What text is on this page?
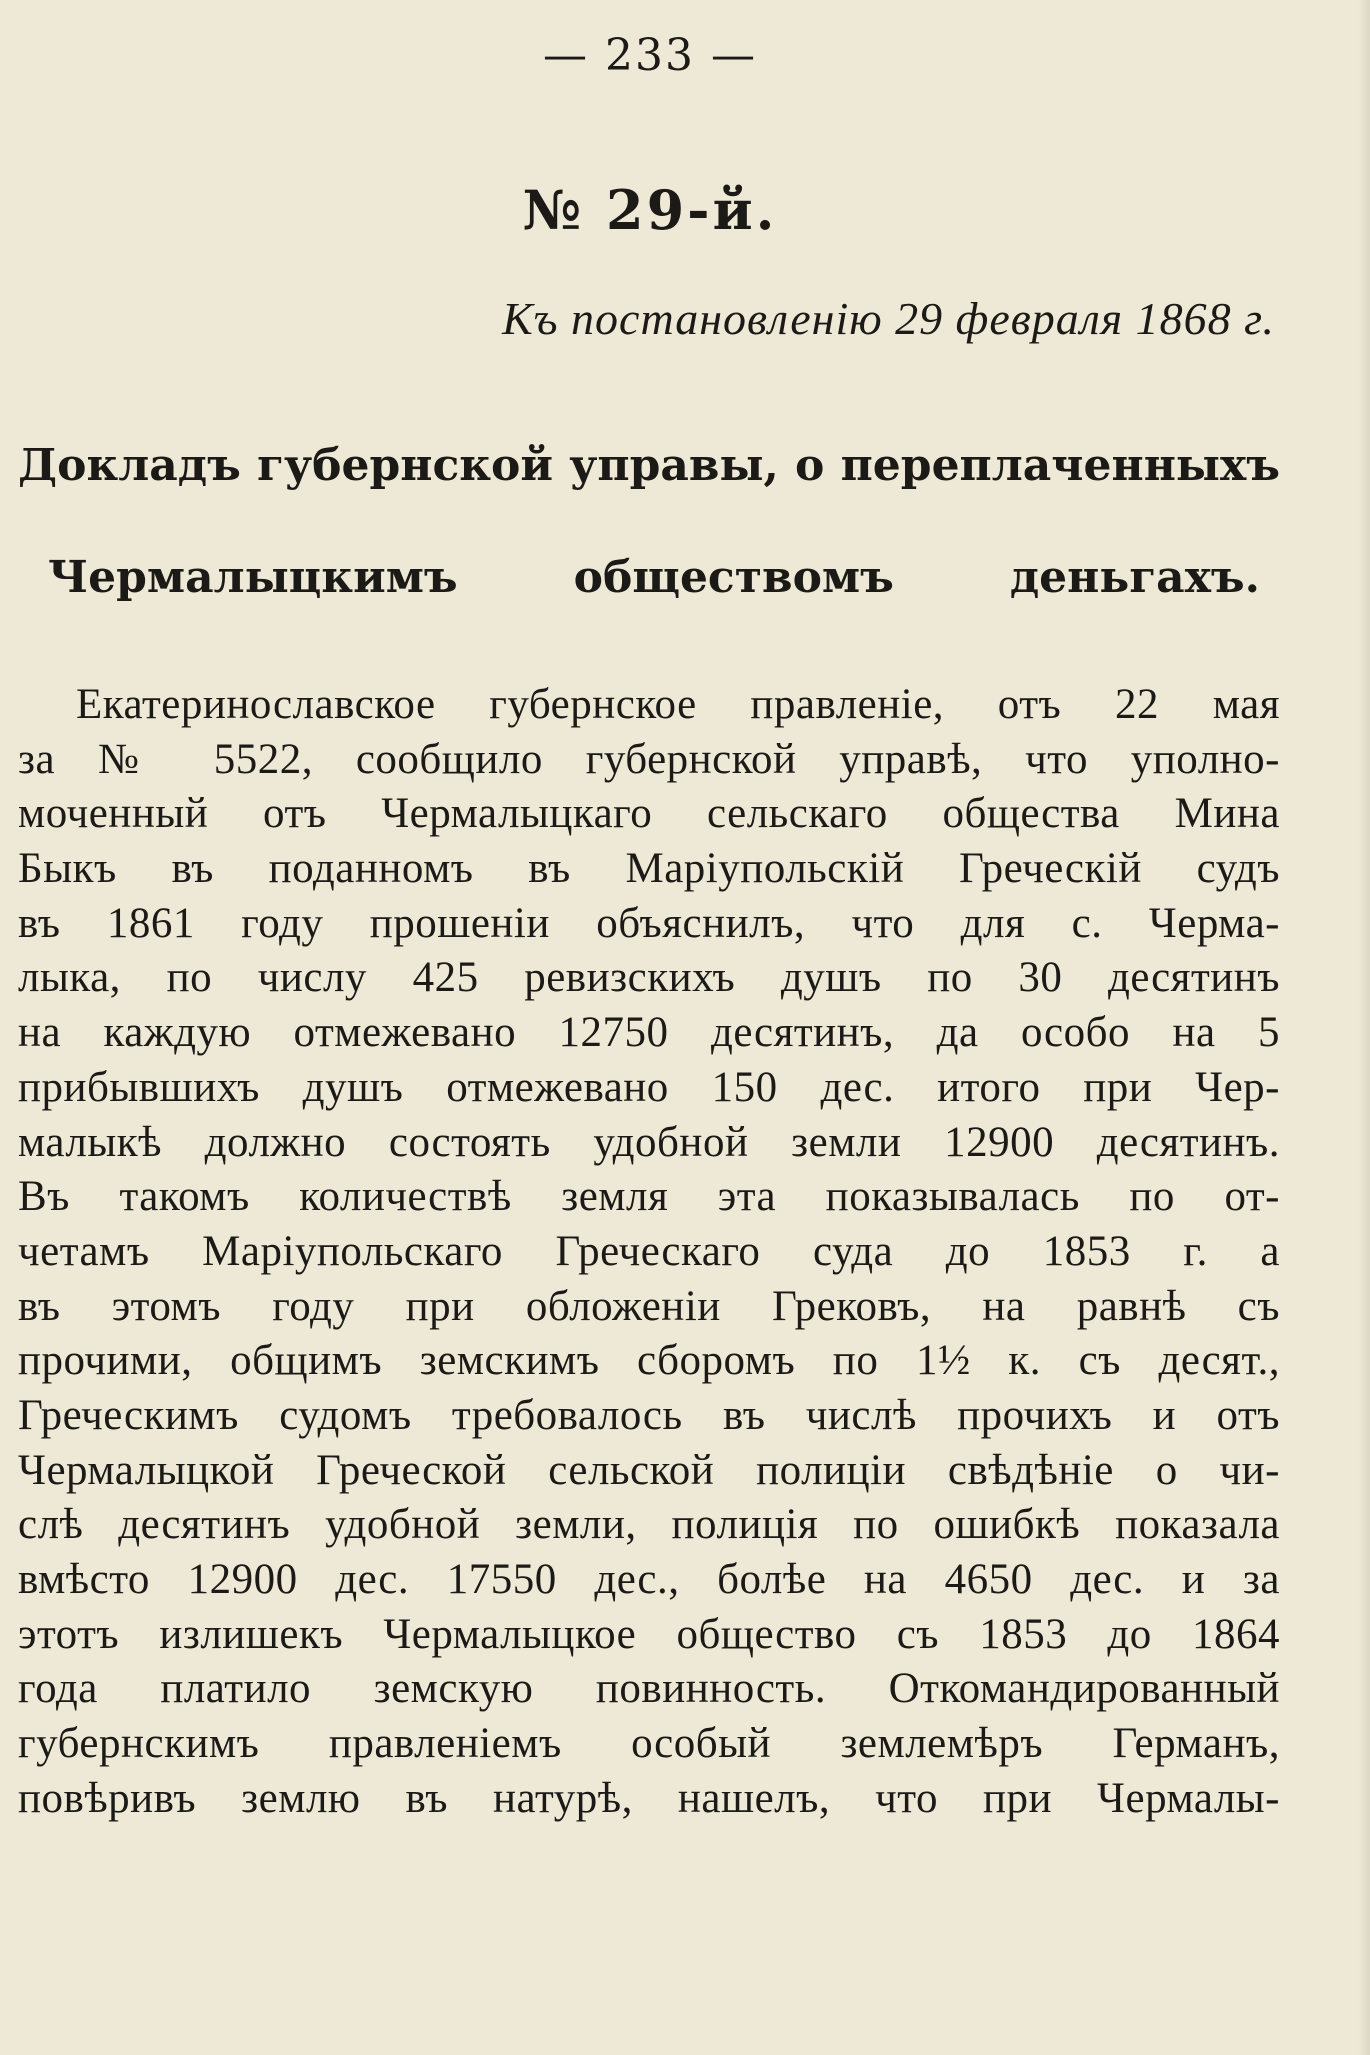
— 233 —
№ 29-й.
Къ постановленію 29 февраля 1868 г.
Докладъ губернской управы, о переплаченныхъ
Чермалыцкимъ обществомъ деньгахъ.
Екатеринославское губернское правленіе, отъ 22 мая
за № 5522, сообщило губернской управѣ, что уполно-
моченный отъ Чермалыцкаго сельскаго общества Мина
Быкъ въ поданномъ въ Маріупольскій Греческій судъ
въ 1861 году прошеніи объяснилъ, что для с. Черма-
лыка, по числу 425 ревизскихъ душъ по 30 десятинъ
на каждую отмежевано 12750 десятинъ, да особо на 5
прибывшихъ душъ отмежевано 150 дес. итого при Чер-
малыкѣ должно состоять удобной земли 12900 десятинъ.
Въ такомъ количествѣ земля эта показывалась по от-
четамъ Маріупольскаго Греческаго суда до 1853 г. а
въ этомъ году при обложеніи Грековъ, на равнѣ съ
прочими, общимъ земскимъ сборомъ по 1½ к. съ десят.,
Греческимъ судомъ требовалось въ числѣ прочихъ и отъ
Чермалыцкой Греческой сельской полиціи свѣдѣніе о чи-
слѣ десятинъ удобной земли, полиція по ошибкѣ показала
вмѣсто 12900 дес. 17550 дес., болѣе на 4650 дес. и за
этотъ излишекъ Чермалыцкое общество съ 1853 до 1864
года платило земскую повинность. Откомандированный
губернскимъ правленіемъ особый землемѣръ Германъ,
повѣривъ землю въ натурѣ, нашелъ, что при Чермалы-
